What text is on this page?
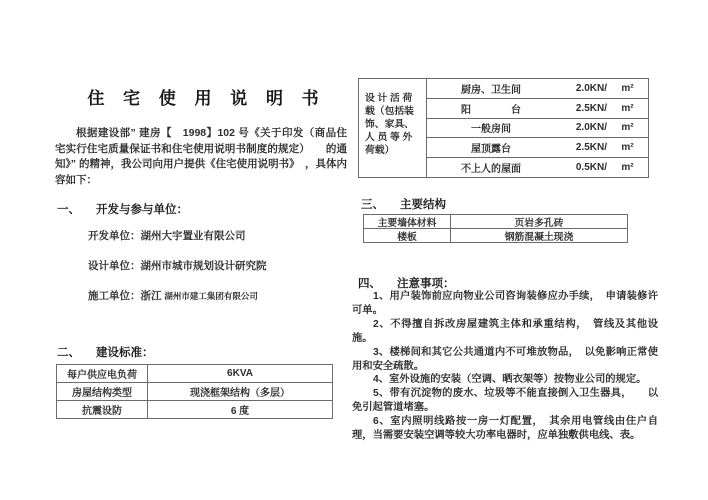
住 宅 使 用 说 明 书
根据建设部” 建房【　1998】102 号《关于印发（商品住宅实行住宅质量保证书和住宅使用说明书制度的规定）　　的通知》” 的精神，我公司向用户提供《住宅使用说明书》　，具体内容如下：
一、 开发与参与单位：
开发单位：湖州大宇置业有限公司
设计单位：湖州市城市规划设计研究院
施工单位：浙江 湖州市建工集团有限公司
二、 建设标准：
每户供应电负荷	6KVA
房屋结构类型	现浇框架结构（多层）
抗震设防	6 度
设 计 活 荷
载（包括装
饰、家具、
人 员 等 外
荷载）
厨房、卫生间	2.0KN/	m²
阳　　　　台	2.5KN/	m²
一般房间	2.0KN/	m²
屋顶露台	2.5KN/	m²
不上人的屋面	0.5KN/	m²
三、 主要结构
主要墙体材料	页岩多孔砖
楼板	钢筋混凝土现浇
四、 注意事项：

1、用户装饰前应向物业公司咨询装修应办手续，　申请装修许可单。

2、不得擅自拆改房屋建筑主体和承重结构，　管线及其他设施。

3、楼梯间和其它公共通道内不可堆放物品，　以免影响正常使用和安全疏散。

4、室外设施的安装（空调、晒衣架等）按物业公司的规定。

5、带有沉淀物的废水、垃圾等不能直接倒入卫生器具，　　以免引起管道堵塞。

6、室内照明线路按一房一灯配置，　其余用电管线由住户自理，当需要安装空调等较大功率电器时，应单独敷供电线、表。
